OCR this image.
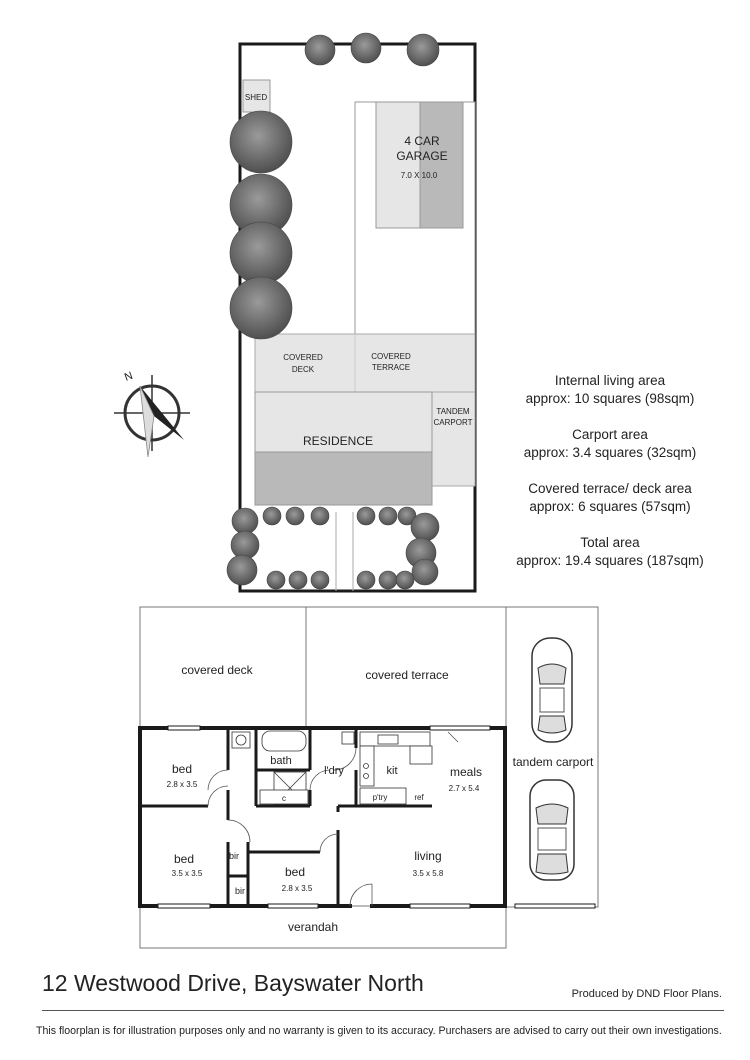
4 CAR
GARAGE
7.0 X 10.0
SHED
COVERED
DECK
COVERED
TERRACE
TANDEM
CARPORT
RESIDENCE
N
covered deck	covered terrace
tandem carport
bed
2.8 x 3.5
bath
l'dry	kit
p'try	ref
c
meals
2.7 x 5.4
bed
3.5 x 3.5
bir
bir
bed
2.8 x 3.5
living
3.5 x 5.8
verandah
Internal living area
approx: 10 squares (98sqm)
Carport area
approx: 3.4 squares (32sqm)
Covered terrace/ deck area
approx: 6 squares (57sqm)
Total area
approx: 19.4 squares (187sqm)
12 Westwood Drive, Bayswater North	Produced by DND Floor Plans.
This floorplan is for illustration purposes only and no warranty is given to its accuracy. Purchasers are advised to carry out their own investigations.
